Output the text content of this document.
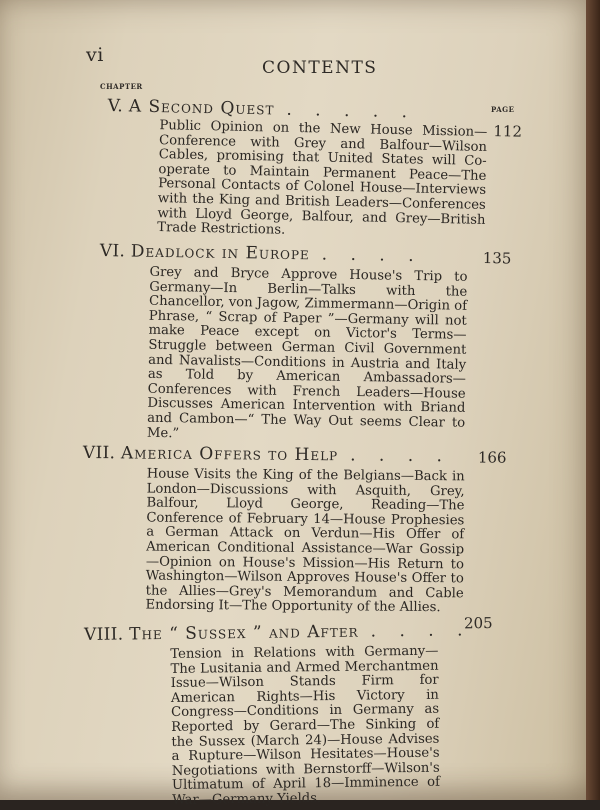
vi
CONTENTS
CHAPTER
PAGE
V. A Second Quest . . . . .
112
Public Opinion on the New House Mission—Conference with Grey and Balfour—Wilson Cables, promising that United States will Co-operate to Maintain Permanent Peace—The Personal Contacts of Colonel House—Interviews with the King and British Leaders—Conferences with Lloyd George, Balfour, and Grey—British Trade Restrictions.
VI. Deadlock in Europe . . . .	135
Grey and Bryce Approve House's Trip to Germany—In Berlin—Talks with the Chancellor, von Jagow, Zimmermann—Origin of Phrase, “ Scrap of Paper ”—Germany will not make Peace except on Victor's Terms—Struggle between German Civil Government and Navalists—Conditions in Austria and Italy as Told by American Ambassadors—Conferences with French Leaders—House Discusses American Intervention with Briand and Cambon—“ The Way Out seems Clear to Me.”
VII. America Offers to Help . . . .	166
House Visits the King of the Belgians—Back in London—Discussions with Asquith, Grey, Balfour, Lloyd George, Reading—The Conference of February 14—House Prophesies a German Attack on Verdun—His Offer of American Conditional Assistance—War Gossip—Opinion on House's Mission—His Return to Washington—Wilson Approves House's Offer to the Allies—Grey's Memorandum and Cable Endorsing It—The Opportunity of the Allies.
VIII. The “ Sussex ” and After . . . .
205
Tension in Relations with Germany—The Lusitania and Armed Merchantmen Issue—Wilson Stands Firm for American Rights—His Victory in Congress—Conditions in Germany as Reported by Gerard—The Sinking of the Sussex (March 24)—House Advises a Rupture—Wilson Hesitates—House's Negotiations with Bernstorff—Wilson's Ultimatum of April 18—Imminence of War—Germany Yields.
